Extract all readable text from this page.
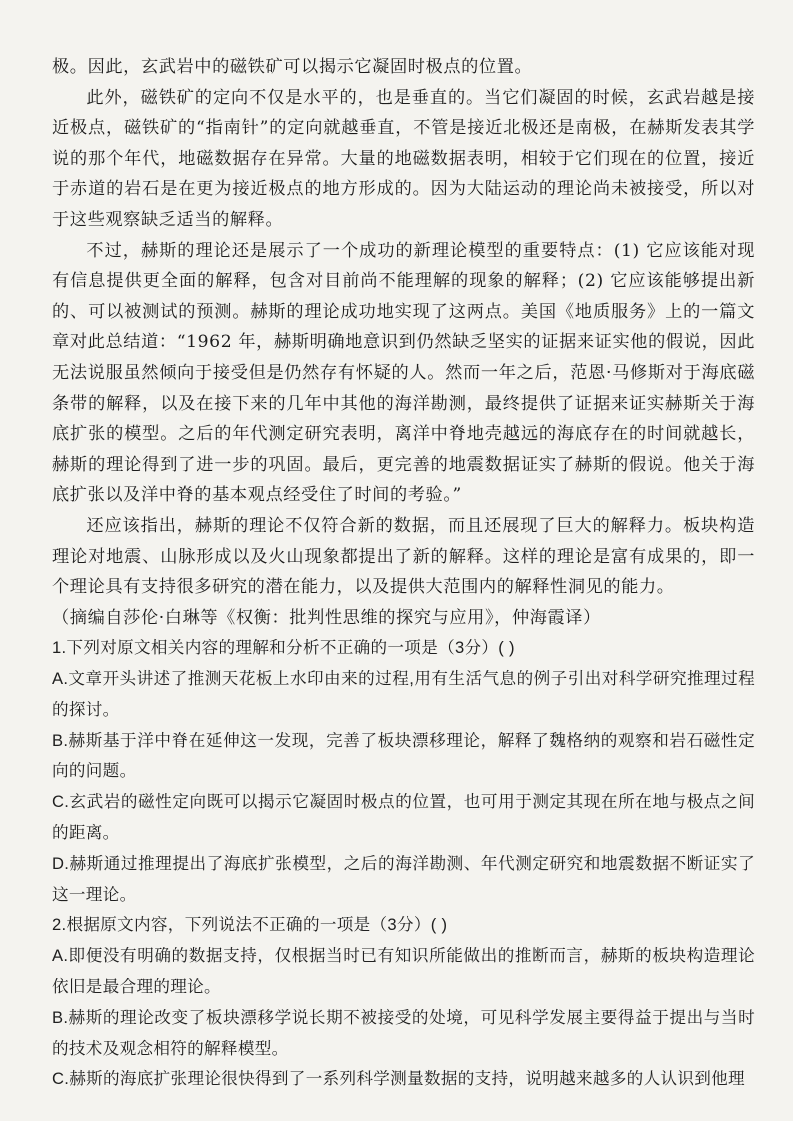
极。因此，玄武岩中的磁铁矿可以揭示它凝固时极点的位置。

此外，磁铁矿的定向不仅是水平的，也是垂直的。当它们凝固的时候，玄武岩越是接近极点，磁铁矿的“指南针”的定向就越垂直，不管是接近北极还是南极，在赫斯发表其学说的那个年代，地磁数据存在异常。大量的地磁数据表明，相较于它们现在的位置，接近于赤道的岩石是在更为接近极点的地方形成的。因为大陆运动的理论尚未被接受，所以对于这些观察缺乏适当的解释。

不过，赫斯的理论还是展示了一个成功的新理论模型的重要特点：(1) 它应该能对现有信息提供更全面的解释，包含对目前尚不能理解的现象的解释；(2) 它应该能够提出新的、可以被测试的预测。赫斯的理论成功地实现了这两点。美国《地质服务》上的一篇文章对此总结道：“1962 年，赫斯明确地意识到仍然缺乏坚实的证据来证实他的假说，因此无法说服虽然倾向于接受但是仍然存有怀疑的人。然而一年之后，范恩·马修斯对于海底磁条带的解释，以及在接下来的几年中其他的海洋勘测，最终提供了证据来证实赫斯关于海底扩张的模型。之后的年代测定研究表明，离洋中脊地壳越远的海底存在的时间就越长，赫斯的理论得到了进一步的巩固。最后，更完善的地震数据证实了赫斯的假说。他关于海底扩张以及洋中脊的基本观点经受住了时间的考验。”

还应该指出，赫斯的理论不仅符合新的数据，而且还展现了巨大的解释力。板块构造理论对地震、山脉形成以及火山现象都提出了新的解释。这样的理论是富有成果的，即一个理论具有支持很多研究的潜在能力，以及提供大范围内的解释性洞见的能力。

（摘编自莎伦·白琳等《权衡：批判性思维的探究与应用》，仲海霞译）

1.下列对原文相关内容的理解和分析不正确的一项是（3分）( )

A.文章开头讲述了推测天花板上水印由来的过程,用有生活气息的例子引出对科学研究推理过程的探讨。

B.赫斯基于洋中脊在延伸这一发现，完善了板块漂移理论，解释了魏格纳的观察和岩石磁性定向的问题。

C.玄武岩的磁性定向既可以揭示它凝固时极点的位置，也可用于测定其现在所在地与极点之间的距离。

D.赫斯通过推理提出了海底扩张模型，之后的海洋勘测、年代测定研究和地震数据不断证实了这一理论。

2.根据原文内容，下列说法不正确的一项是（3分）( )

A.即便没有明确的数据支持，仅根据当时已有知识所能做出的推断而言，赫斯的板块构造理论依旧是最合理的理论。

B.赫斯的理论改变了板块漂移学说长期不被接受的处境，可见科学发展主要得益于提出与当时的技术及观念相符的解释模型。

C.赫斯的海底扩张理论很快得到了一系列科学测量数据的支持，说明越来越多的人认识到他理
